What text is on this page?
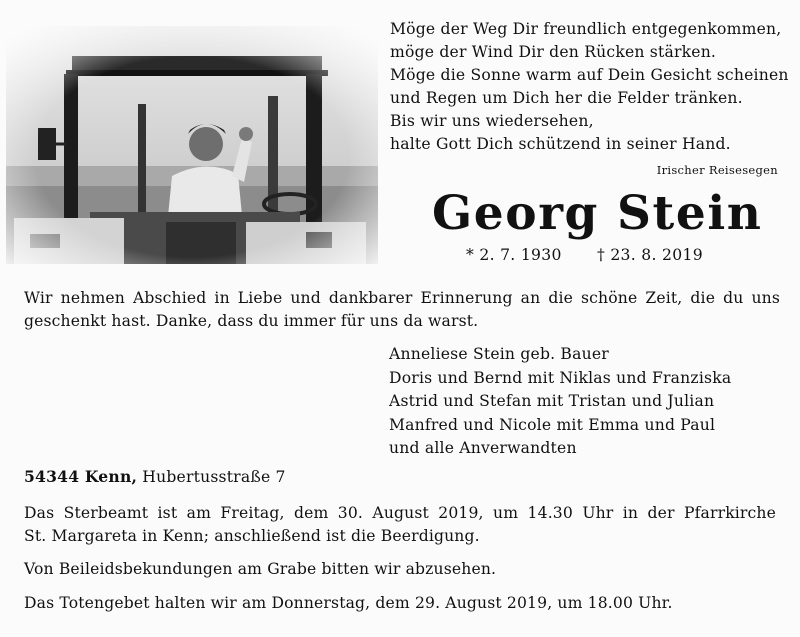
Möge der Weg Dir freundlich entgegenkommen,
möge der Wind Dir den Rücken stärken.
Möge die Sonne warm auf Dein Gesicht scheinen
und Regen um Dich her die Felder tränken.
Bis wir uns wiedersehen,
halte Gott Dich schützend in seiner Hand.
Irischer Reisesegen
Georg Stein
* 2. 7. 1930 † 23. 8. 2019
Wir nehmen Abschied in Liebe und dankbarer Erinnerung an die schöne Zeit, die du uns geschenkt hast. Danke, dass du immer für uns da warst.
Anneliese Stein geb. Bauer
Doris und Bernd mit Niklas und Franziska
Astrid und Stefan mit Tristan und Julian
Manfred und Nicole mit Emma und Paul
und alle Anverwandten
54344 Kenn, Hubertusstraße 7
Das Sterbeamt ist am Freitag, dem 30. August 2019, um 14.30 Uhr in der Pfarrkirche
St. Margareta in Kenn; anschließend ist die Beerdigung.
Von Beileidsbekundungen am Grabe bitten wir abzusehen.
Das Totengebet halten wir am Donnerstag, dem 29. August 2019, um 18.00 Uhr.
